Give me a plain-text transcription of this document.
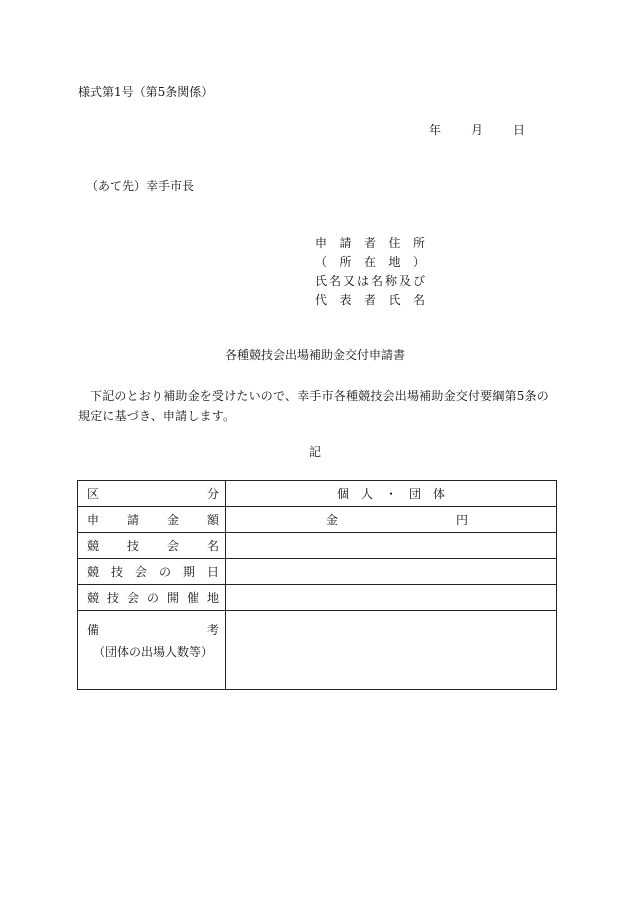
様式第1号（第5条関係）
年	月	日
（あて先）幸手市長
申請者住所
（所在地）
氏名又は名称及び
代表者氏名
各種競技会出場補助金交付申請書
下記のとおり補助金を受けたいので、幸手市各種競技会出場補助金交付要綱第5条の規定に基づき、申請します。
記
区分	個　人　・　団　体

申請金額	金 円

競技会名	

競技会の期日	

競技会の開催地	

備考
（団体の出場人数等）	
